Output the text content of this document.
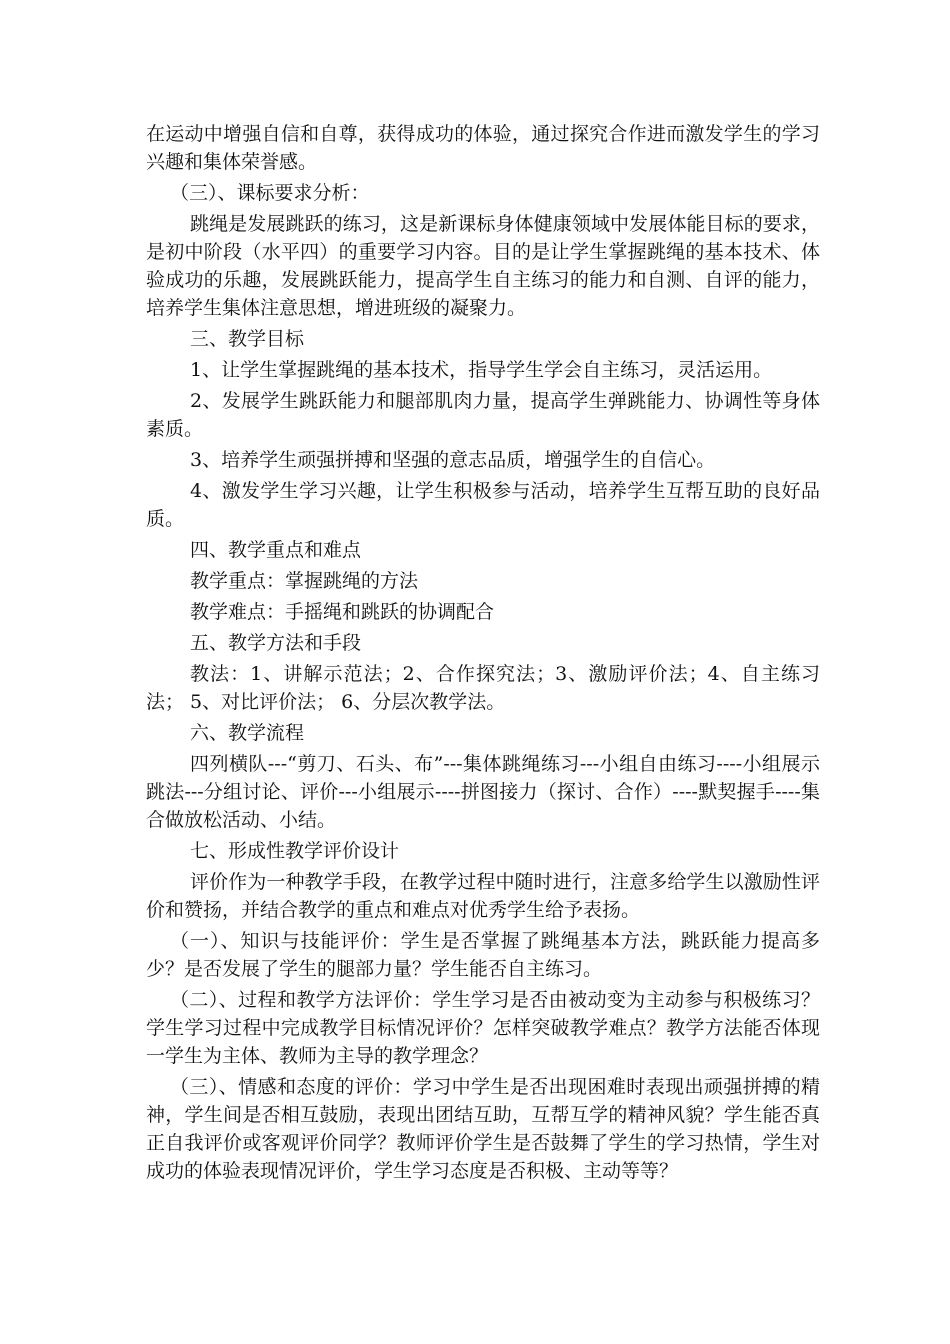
在运动中增强自信和自尊，获得成功的体验，通过探究合作进而激发学生的学习兴趣和集体荣誉感。

（三）、课标要求分析：

跳绳是发展跳跃的练习，这是新课标身体健康领域中发展体能目标的要求，是初中阶段（水平四）的重要学习内容。目的是让学生掌握跳绳的基本技术、体验成功的乐趣，发展跳跃能力，提高学生自主练习的能力和自测、自评的能力，培养学生集体注意思想，增进班级的凝聚力。

三、教学目标

1、让学生掌握跳绳的基本技术，指导学生学会自主练习，灵活运用。

2、发展学生跳跃能力和腿部肌肉力量，提高学生弹跳能力、协调性等身体素质。

3、培养学生顽强拼搏和坚强的意志品质，增强学生的自信心。

4、激发学生学习兴趣，让学生积极参与活动，培养学生互帮互助的良好品质。

四、教学重点和难点

教学重点：掌握跳绳的方法

教学难点：手摇绳和跳跃的协调配合

五、教学方法和手段

教法：1、讲解示范法；2、合作探究法；3、激励评价法；4、自主练习法； 5、对比评价法； 6、分层次教学法。

六、教学流程

四列横队---“剪刀、石头、布”---集体跳绳练习---小组自由练习----小组展示跳法---分组讨论、评价---小组展示----拼图接力（探讨、合作）----默契握手----集合做放松活动、小结。

七、形成性教学评价设计

评价作为一种教学手段，在教学过程中随时进行，注意多给学生以激励性评价和赞扬，并结合教学的重点和难点对优秀学生给予表扬。

（一）、知识与技能评价：学生是否掌握了跳绳基本方法，跳跃能力提高多少？是否发展了学生的腿部力量？学生能否自主练习。

（二）、过程和教学方法评价：学生学习是否由被动变为主动参与积极练习？学生学习过程中完成教学目标情况评价？怎样突破教学难点？教学方法能否体现一学生为主体、教师为主导的教学理念？

（三）、情感和态度的评价：学习中学生是否出现困难时表现出顽强拼搏的精神，学生间是否相互鼓励，表现出团结互助，互帮互学的精神风貌？学生能否真正自我评价或客观评价同学？教师评价学生是否鼓舞了学生的学习热情，学生对成功的体验表现情况评价，学生学习态度是否积极、主动等等？
